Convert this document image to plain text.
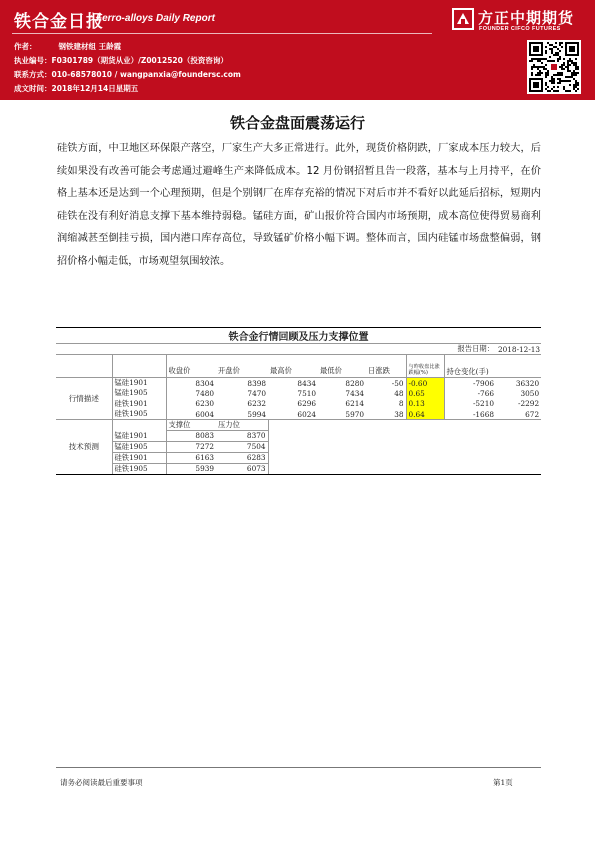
铁合金日报
Ferro-alloys Daily Report
作者：	钢铁建材组 王龄霞
执业编号：F0301789（期货从业）/Z0012520（投资咨询）
联系方式：010-68578010 / wangpanxia@foundersc.com
成文时间：2018年12月14日星期五
方正中期期货
FOUNDER CIFCO FUTURES
铁合金盘面震荡运行

硅铁方面，中卫地区环保限产落空，厂家生产大多正常进行。此外，现货价格阴跌，厂家成本压力较大，后续如果没有改善可能会考虑通过避峰生产来降低成本。12 月份钢招暂且告一段落，基本与上月持平，在价格上基本还是达到一个心理预期，但是个别钢厂在库存充裕的情况下对后市并不看好以此延后招标，短期内硅铁在没有利好消息支撑下基本维持弱稳。锰硅方面，矿山报价符合国内市场预期，成本高位使得贸易商利润缩减甚至倒挂亏损，国内港口库存高位，导致锰矿价格小幅下调。整体而言，国内硅锰市场盘整偏弱，钢招价格小幅走低，市场观望氛围较浓。

铁合金行情回顾及压力支撑位置									
							报告日期：		2018-12-13
		收盘价	开盘价	最高价	最低价	日涨跌	与昨收盘比涨跌幅(%)	持仓变化(手)	
行情描述	锰硅1901	8304	8398	8434	8280	-50	-0.60	-7906	36320
	锰硅1905	7480	7470	7510	7434	48	0.65	-766	3050
	硅铁1901	6230	6232	6296	6214	8	0.13	-5210	-2292
	硅铁1905	6004	5994	6024	5970	38	0.64	-1668	672
技术预测		支撑位	压力位						
	锰硅1901	8083	8370						
	锰硅1905	7272	7504						
	硅铁1901	6163	6283						
	硅铁1905	5939	6073						
请务必阅读最后重要事项	第1页
